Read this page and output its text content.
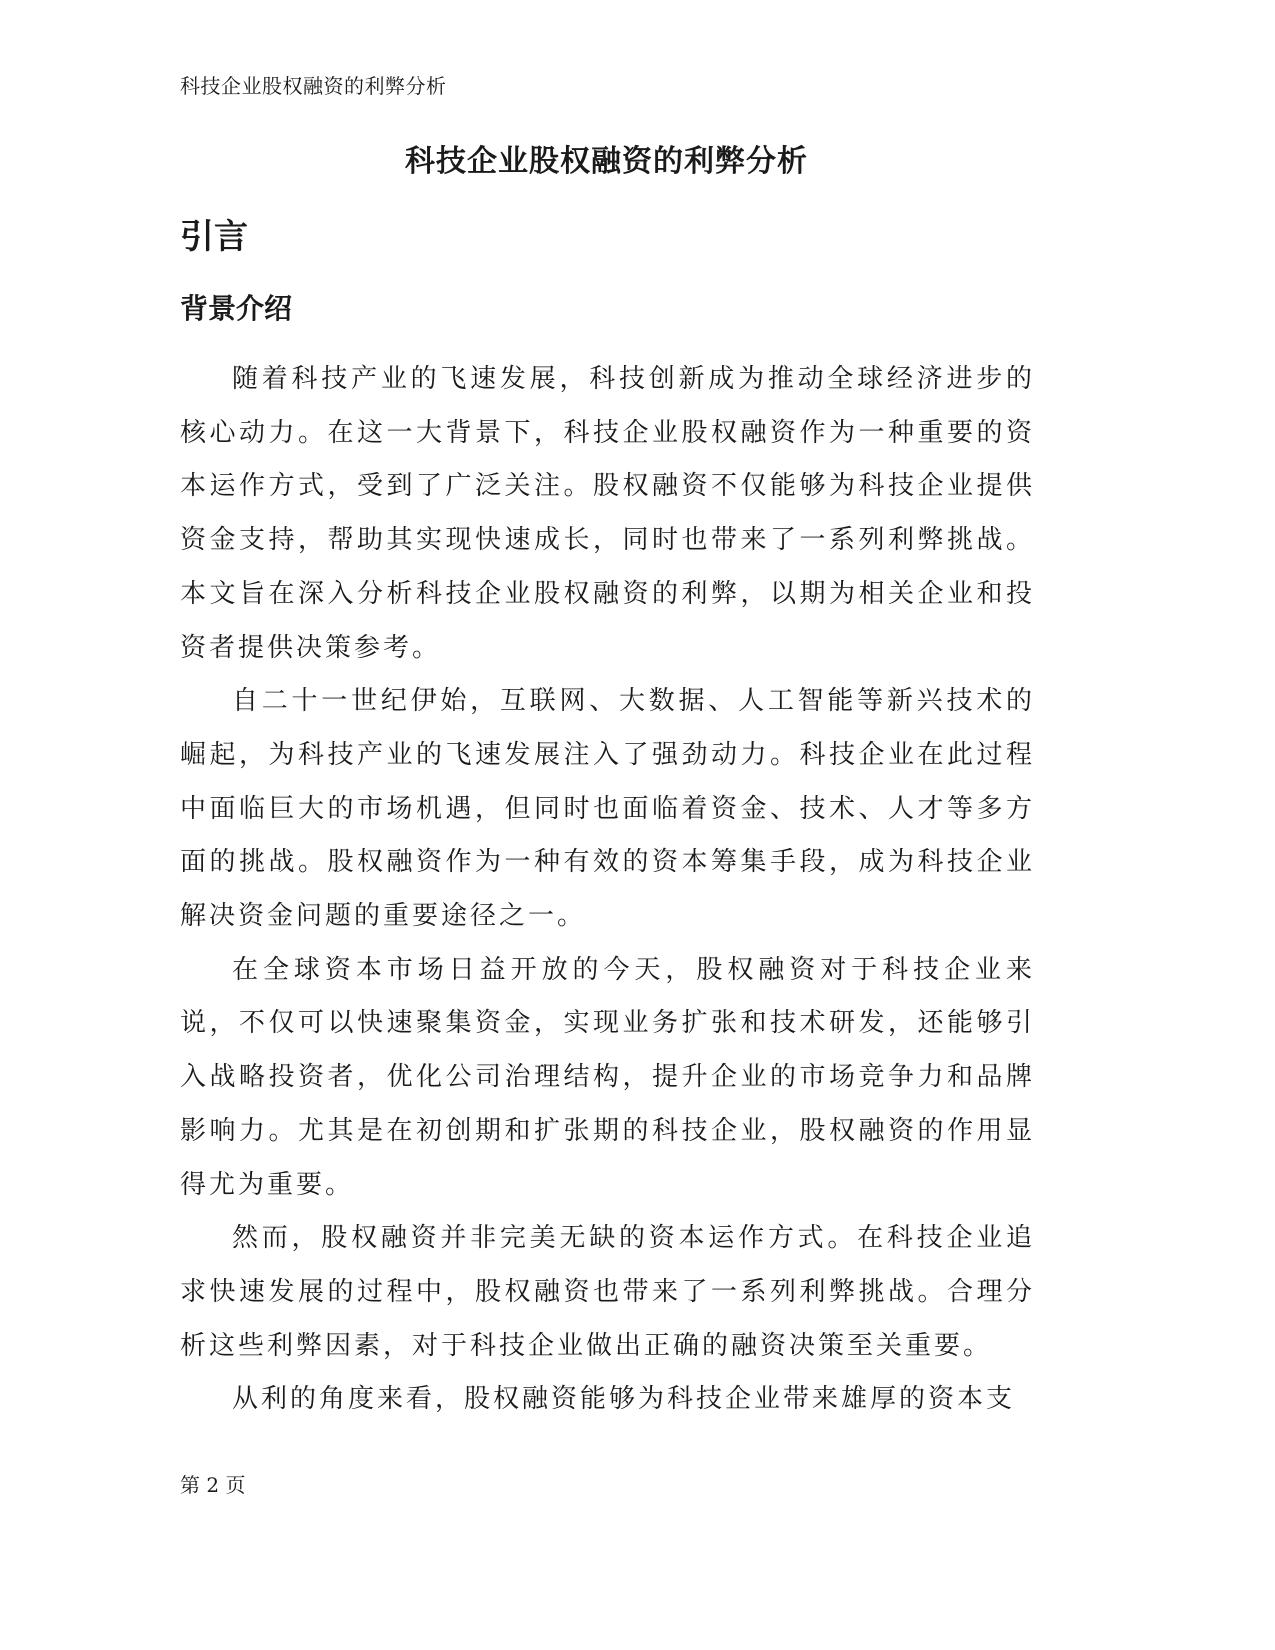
科技企业股权融资的利弊分析
科技企业股权融资的利弊分析
引言
背景介绍

随着科技产业的飞速发展，科技创新成为推动全球经济进步的核心动力。在这一大背景下，科技企业股权融资作为一种重要的资本运作方式，受到了广泛关注。股权融资不仅能够为科技企业提供资金支持，帮助其实现快速成长，同时也带来了一系列利弊挑战。本文旨在深入分析科技企业股权融资的利弊，以期为相关企业和投资者提供决策参考。

自二十一世纪伊始，互联网、大数据、人工智能等新兴技术的崛起，为科技产业的飞速发展注入了强劲动力。科技企业在此过程中面临巨大的市场机遇，但同时也面临着资金、技术、人才等多方面的挑战。股权融资作为一种有效的资本筹集手段，成为科技企业解决资金问题的重要途径之一。

在全球资本市场日益开放的今天，股权融资对于科技企业来说，不仅可以快速聚集资金，实现业务扩张和技术研发，还能够引入战略投资者，优化公司治理结构，提升企业的市场竞争力和品牌影响力。尤其是在初创期和扩张期的科技企业，股权融资的作用显得尤为重要。

然而，股权融资并非完美无缺的资本运作方式。在科技企业追求快速发展的过程中，股权融资也带来了一系列利弊挑战。合理分析这些利弊因素，对于科技企业做出正确的融资决策至关重要。

从利的角度来看，股权融资能够为科技企业带来雄厚的资本支

第 2 页
